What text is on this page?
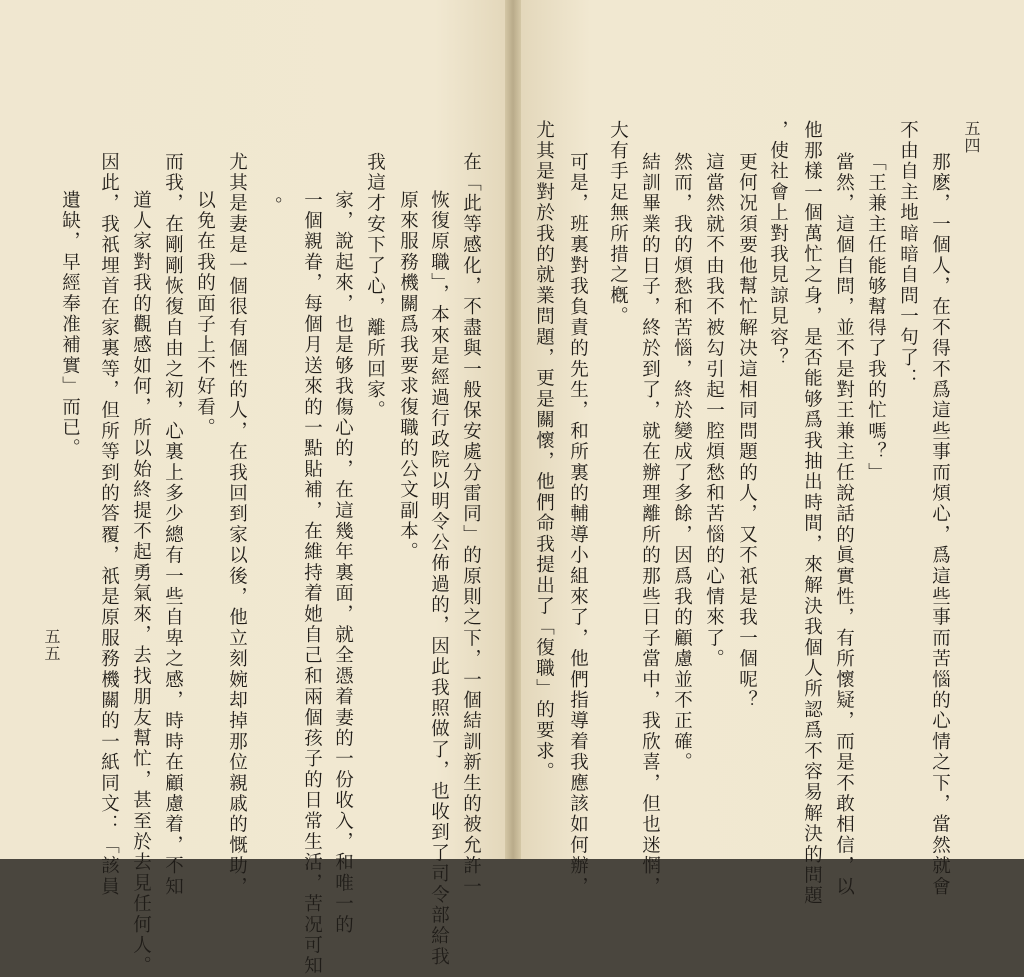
在「此等感化，不盡與一般保安處分雷同」的原則之下，一個結訓新生的被允許一
恢復原職」，本來是經過行政院以明令公佈過的，因此我照做了，也收到了司令部給我
原來服務機關爲我要求復職的公文副本。
我這才安下了心，離所回家。
家，說起來，也是够我傷心的，在這幾年裏面，就全憑着妻的一份收入，和唯一的
一個親眷，每個月送來的一點貼補，在維持着她自己和兩個孩子的日常生活，苦况可知
。
尤其是妻是一個很有個性的人，在我回到家以後，他立刻婉却掉那位親戚的慨助，
以免在我的面子上不好看。
而我，在剛剛恢復自由之初，心裏上多少總有一些自卑之感，時時在顧慮着，不知
道人家對我的觀感如何，所以始終提不起勇氣來，去找朋友幫忙，甚至於去見任何人。
因此，我祇埋首在家裏等，但所等到的答覆，祇是原服務機關的一紙同文：「該員
遺缺，早經奉准補實」而已。
五五
五四
那麽，一個人，在不得不爲這些事而煩心，爲這些事而苦惱的心情之下，當然就會
不由自主地暗暗自問一句了：
「王兼主任能够幫得了我的忙嗎？」
當然，這個自問，並不是對王兼主任說話的眞實性，有所懷疑，而是不敢相信，以
他那樣一個萬忙之身，是否能够爲我抽出時間，來解決我個人所認爲不容易解決的問題
，使社會上對我見諒見容？
更何况須要他幫忙解决這相同問題的人，又不祇是我一個呢？
這當然就不由我不被勾引起一腔煩愁和苦惱的心情來了。
然而，我的煩愁和苦惱，終於變成了多餘，因爲我的顧慮並不正確。
結訓畢業的日子，終於到了，就在辦理離所的那些日子當中，我欣喜，但也迷惘，
大有手足無所措之槪。
可是，班裏對我負責的先生，和所裏的輔導小組來了，他們指導着我應該如何辦，
尤其是對於我的就業問題，更是關懷，他們命我提出了「復職」的要求。
